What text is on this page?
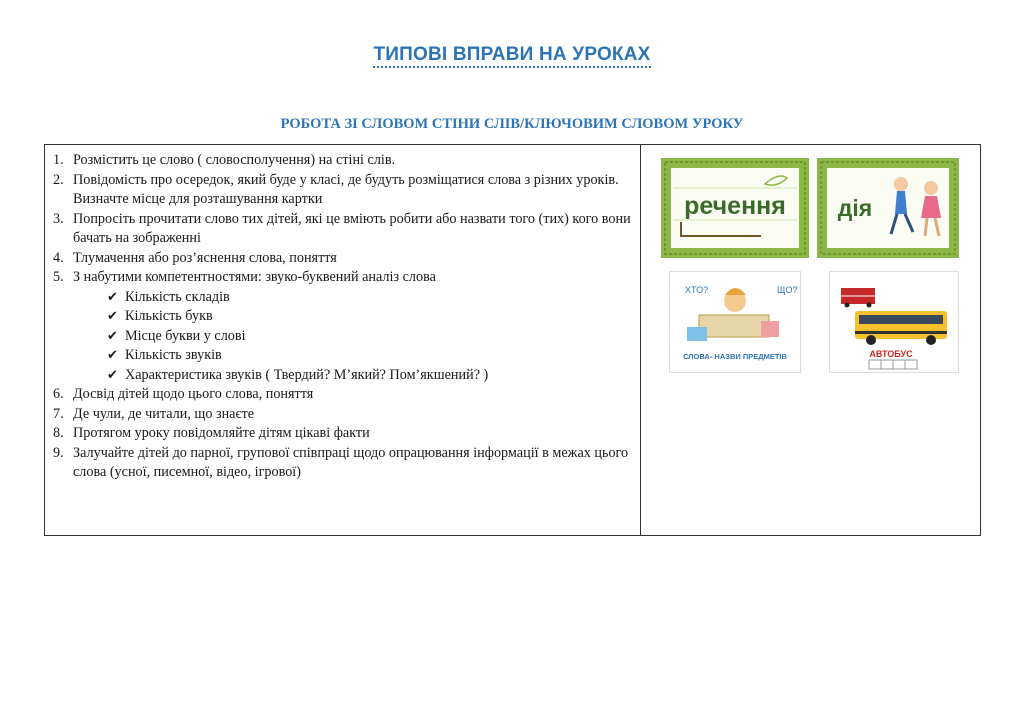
ТИПОВІ ВПРАВИ НА УРОКАХ
РОБОТА ЗІ СЛОВОМ СТІНИ СЛІВ/КЛЮЧОВИМ СЛОВОМ УРОКУ
1. Розмістить це слово ( словосполучення) на стіні слів.
2. Повідомість про осередок, який буде у класі, де будуть розміщатися слова з різних уроків. Визначте місце для розташування картки
3. Попросіть прочитати слово тих дітей, які це вміють робити або назвати того (тих) кого вони бачать на зображенні
4. Тлумачення або роз’яснення слова, поняття
5. З набутими компетентностями: звуко-буквений аналіз слова
✔ Кількість складів
✔ Кількість букв
✔ Місце букви у слові
✔ Кількість звуків
✔ Характеристика звуків ( Твердий? М’який? Пом’якшений? )
6. Досвід дітей щодо цього слова, поняття
7. Де чули, де читали, що знаєте
8. Протягом уроку повідомляйте дітям цікаві факти
9. Залучайте дітей до парної, групової співпраці щодо опрацювання інформації в межах цього слова (усної, писемної, відео, ігрової)
речення дія
ХТО?	ЩО?
СЛОВА- НАЗВИ ПРЕДМЕТІВ	АВТОБУС
